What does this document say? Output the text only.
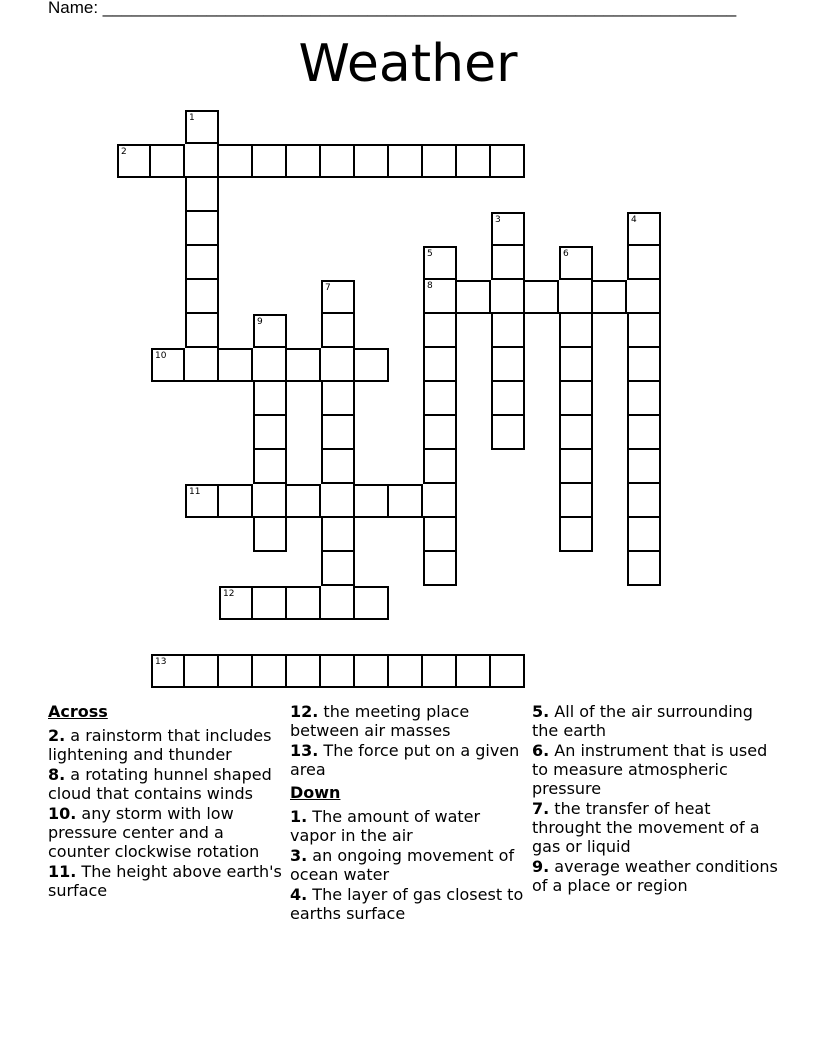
Name: ___________________________________________________________________
Weather
1
2
3	4
5
8
6
7
9
10
11
12
13
Across
2. a rainstorm that includes lightening and thunder
8. a rotating hunnel shaped cloud that contains winds
10. any storm with low pressure center and a counter clockwise rotation
11. The height above earth's surface
12. the meeting place between air masses
13. The force put on a given area
Down
1. The amount of water vapor in the air
3. an ongoing movement of ocean water
4. The layer of gas closest to earths surface
5. All of the air surrounding the earth
6. An instrument that is used to measure atmospheric pressure
7. the transfer of heat throught the movement of a gas or liquid
9. average weather conditions of a place or region
